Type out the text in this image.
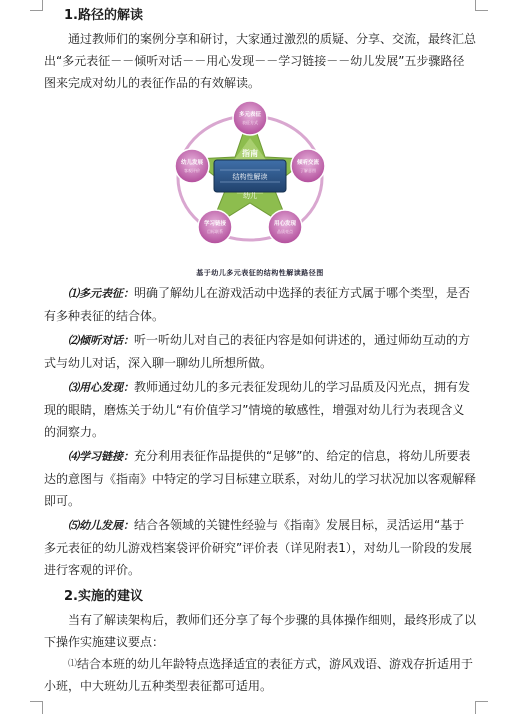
1.路径的解读

通过教师们的案例分享和研讨，大家通过激烈的质疑、分享、交流，最终汇总出“多元表征－－倾听对话－－用心发现－－学习链接－－幼儿发展”五步骤路径图来完成对幼儿的表征作品的有效解读。

指南
结构性解读
幼儿
多元表征
表征方式
倾听交流
了解意图
用心发现
品质亮点
学习链接
目标联系
幼儿发展
客观评价
基于幼儿多元表征的结构性解读路径图

⑴多元表征：明确了解幼儿在游戏活动中选择的表征方式属于哪个类型，是否有多种表征的结合体。

⑵倾听对话：听一听幼儿对自己的表征内容是如何讲述的，通过师幼互动的方式与幼儿对话，深入聊一聊幼儿所想所做。

⑶用心发现：教师通过幼儿的多元表征发现幼儿的学习品质及闪光点，拥有发现的眼睛，磨炼关于幼儿“有价值学习”情境的敏感性，增强对幼儿行为表现含义的洞察力。

⑷学习链接：充分利用表征作品提供的“足够”的、给定的信息，将幼儿所要表达的意图与《指南》中特定的学习目标建立联系，对幼儿的学习状况加以客观解释即可。

⑸幼儿发展：结合各领域的关键性经验与《指南》发展目标，灵活运用“基于多元表征的幼儿游戏档案袋评价研究”评价表（详见附表1），对幼儿一阶段的发展进行客观的评价。

2.实施的建议

当有了解读架构后，教师们还分享了每个步骤的具体操作细则，最终形成了以下操作实施建议要点：

⑴结合本班的幼儿年龄特点选择适宜的表征方式，游风戏语、游戏存折适用于小班，中大班幼儿五种类型表征都可适用。
